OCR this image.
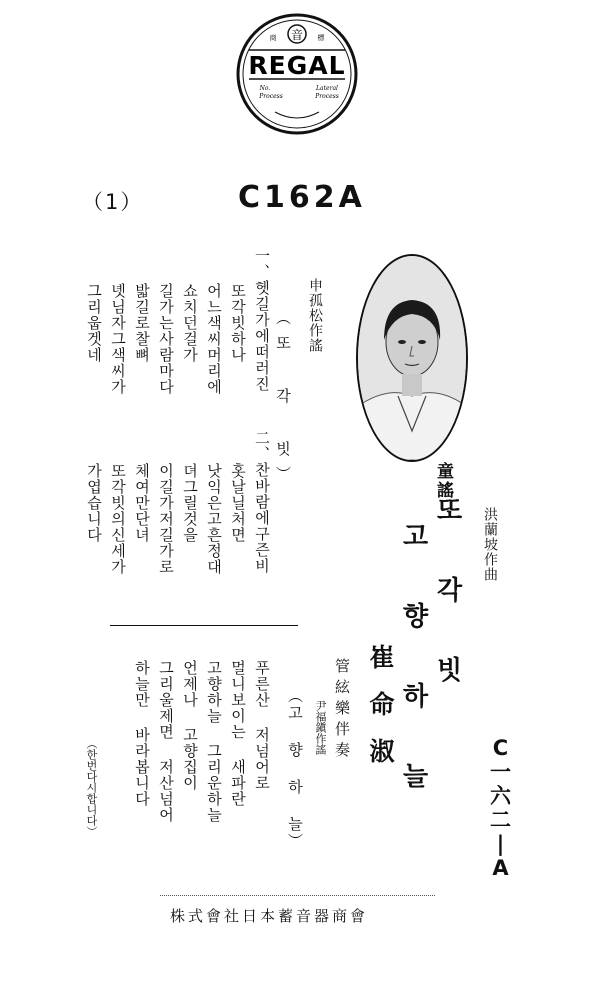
音
商	標
REGAL
No.
Process
Lateral
Process
（1）	C162A
申孤松作謠
（또 각 빗）
一、헷길가에떠러진
또각빗하나
어느색씨머리에
쇼치던걸가
길가는사람마다
밟길로찰뼈
녯님자그색씨가
그리웁겟네
二、찬바람에구즌비
홋날닐처면
낫익은고흔정대
뎌그릴것을
이길가저길가로
체여만단녀
또각빗의신세가
가엽습니다	童謠
또 각 빗
고 향 하 늘	洪蘭坡作曲
崔命淑
管絃樂伴奏
尹福鎭作謠
（고 향 하 늘）
푸른산 저넘어로
멀니보이는 새파란
고향하늘 그리운하늘
언제나 고향집이
그리울제면 저산넘어
하늘만 바라봅니다
（한번다시합니다）	C
一
六
二
|
A
株式會社日本蓄音器商會
